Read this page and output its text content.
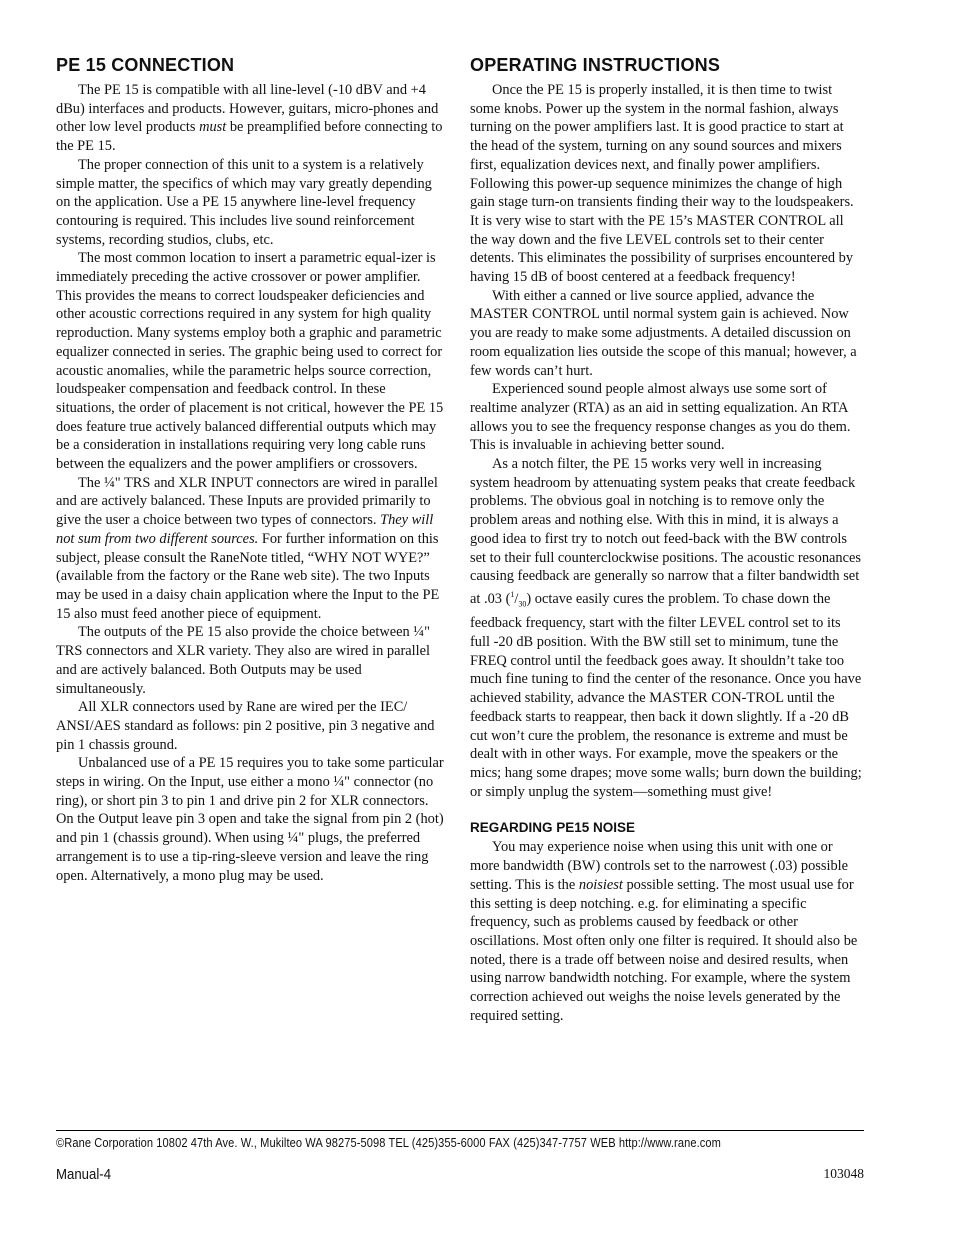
PE 15 CONNECTION

The PE 15 is compatible with all line-level (-10 dBV and +4 dBu) interfaces and products. However, guitars, micro-phones and other low level products must be preamplified before connecting to the PE 15.

The proper connection of this unit to a system is a relatively simple matter, the specifics of which may vary greatly depending on the application. Use a PE 15 anywhere line-level frequency contouring is required. This includes live sound reinforcement systems, recording studios, clubs, etc.

The most common location to insert a parametric equal-izer is immediately preceding the active crossover or power amplifier. This provides the means to correct loudspeaker deficiencies and other acoustic corrections required in any system for high quality reproduction. Many systems employ both a graphic and parametric equalizer connected in series. The graphic being used to correct for acoustic anomalies, while the parametric helps source correction, loudspeaker compensation and feedback control. In these situations, the order of placement is not critical, however the PE 15 does feature true actively balanced differential outputs which may be a consideration in installations requiring very long cable runs between the equalizers and the power amplifiers or crossovers.

The ¼" TRS and XLR INPUT connectors are wired in parallel and are actively balanced. These Inputs are provided primarily to give the user a choice between two types of connectors. They will not sum from two different sources. For further information on this subject, please consult the RaneNote titled, “WHY NOT WYE?” (available from the factory or the Rane web site). The two Inputs may be used in a daisy chain application where the Input to the PE 15 also must feed another piece of equipment.

The outputs of the PE 15 also provide the choice between ¼" TRS connectors and XLR variety. They also are wired in parallel and are actively balanced. Both Outputs may be used simultaneously.

All XLR connectors used by Rane are wired per the IEC/ ANSI/AES standard as follows: pin 2 positive, pin 3 negative and pin 1 chassis ground.

Unbalanced use of a PE 15 requires you to take some particular steps in wiring. On the Input, use either a mono ¼" connector (no ring), or short pin 3 to pin 1 and drive pin 2 for XLR connectors. On the Output leave pin 3 open and take the signal from pin 2 (hot) and pin 1 (chassis ground). When using ¼" plugs, the preferred arrangement is to use a tip-ring-sleeve version and leave the ring open. Alternatively, a mono plug may be used.

OPERATING INSTRUCTIONS

Once the PE 15 is properly installed, it is then time to twist some knobs. Power up the system in the normal fashion, always turning on the power amplifiers last. It is good practice to start at the head of the system, turning on any sound sources and mixers first, equalization devices next, and finally power amplifiers. Following this power-up sequence minimizes the change of high gain stage turn-on transients finding their way to the loudspeakers. It is very wise to start with the PE 15’s MASTER CONTROL all the way down and the five LEVEL controls set to their center detents. This eliminates the possibility of surprises encountered by having 15 dB of boost centered at a feedback frequency!

With either a canned or live source applied, advance the MASTER CONTROL until normal system gain is achieved. Now you are ready to make some adjustments. A detailed discussion on room equalization lies outside the scope of this manual; however, a few words can’t hurt.

Experienced sound people almost always use some sort of realtime analyzer (RTA) as an aid in setting equalization. An RTA allows you to see the frequency response changes as you do them. This is invaluable in achieving better sound.

As a notch filter, the PE 15 works very well in increasing system headroom by attenuating system peaks that create feedback problems. The obvious goal in notching is to remove only the problem areas and nothing else. With this in mind, it is always a good idea to first try to notch out feed-back with the BW controls set to their full counterclockwise positions. The acoustic resonances causing feedback are generally so narrow that a filter bandwidth set at .03 $(^1/_{30})$ octave easily cures the problem. To chase down the feedback frequency, start with the filter LEVEL control set to its full -20 dB position. With the BW still set to minimum, tune the FREQ control until the feedback goes away. It shouldn’t take too much fine tuning to find the center of the resonance. Once you have achieved stability, advance the MASTER CON-TROL until the feedback starts to reappear, then back it down slightly. If a -20 dB cut won’t cure the problem, the resonance is extreme and must be dealt with in other ways. For example, move the speakers or the mics; hang some drapes; move some walls; burn down the building; or simply unplug the system—something must give!

REGARDING PE15 NOISE

You may experience noise when using this unit with one or more bandwidth (BW) controls set to the narrowest (.03) possible setting. This is the noisiest possible setting. The most usual use for this setting is deep notching. e.g. for eliminating a specific frequency, such as problems caused by feedback or other oscillations. Most often only one filter is required. It should also be noted, there is a trade off between noise and desired results, when using narrow bandwidth notching. For example, where the system correction achieved out weighs the noise levels generated by the required setting.

©Rane Corporation 10802 47th Ave. W., Mukilteo WA 98275-5098 TEL (425)355-6000 FAX (425)347-7757 WEB http://www.rane.com
Manual-4	103048
